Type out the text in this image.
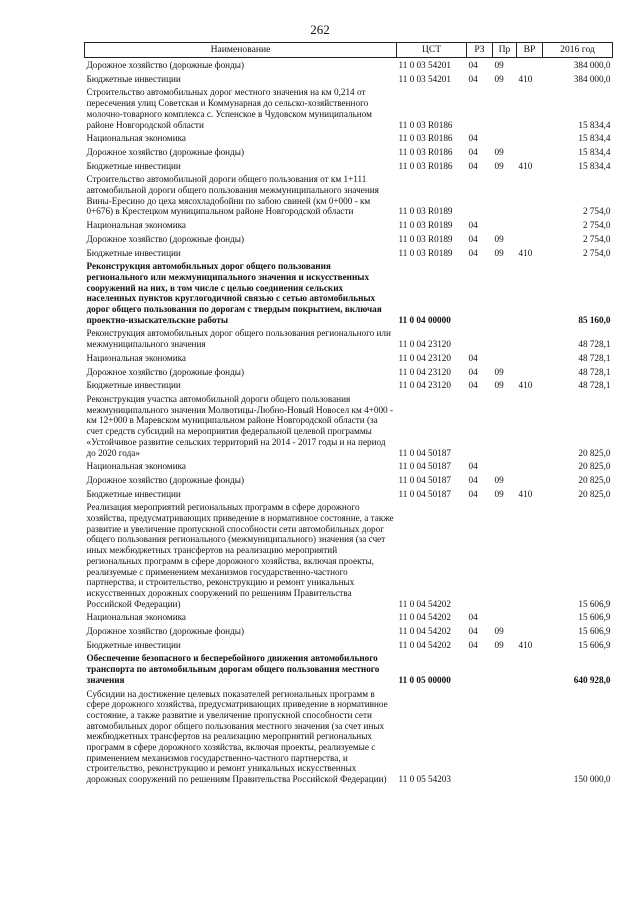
262
Наименование	ЦСТ	РЗ	Пр	ВР	2016 год
Дорожное хозяйство (дорожные фонды)	11 0 03 54201	04	09		384 000,0
Бюджетные инвестиции	11 0 03 54201	04	09	410	384 000,0
Строительство автомобильных дорог местного значения на км 0,214 от пересечения улиц Советская и Коммунарная до сельско-хозяйственного молочно-товарного комплекса с. Успенское в Чудовском муниципальном районе Новгородской области	11 0 03 R0186				15 834,4
Национальная экономика	11 0 03 R0186	04			15 834,4
Дорожное хозяйство (дорожные фонды)	11 0 03 R0186	04	09		15 834,4
Бюджетные инвестиции	11 0 03 R0186	04	09	410	15 834,4
Строительство автомобильной дороги общего пользования от км 1+111 автомобильной дороги общего пользования межмуниципального значения Вины-Ересино до цеха мясохладобойни по забою свиней (км 0+000 - км 0+676) в Крестецком муниципальном районе Новгородской области	11 0 03 R0189				2 754,0
Национальная экономика	11 0 03 R0189	04			2 754,0
Дорожное хозяйство (дорожные фонды)	11 0 03 R0189	04	09		2 754,0
Бюджетные инвестиции	11 0 03 R0189	04	09	410	2 754,0
Реконструкция автомобильных дорог общего пользования регионального или межмуниципального значения и искусственных сооружений на них, в том числе с целью соединения сельских населенных пунктов круглогодичной связью с сетью автомобильных дорог общего пользования по дорогам с твердым покрытием, включая проектно-изыскательские работы	11 0 04 00000				85 160,0
Реконструкция автомобильных дорог общего пользования регионального или межмуниципального значения	11 0 04 23120				48 728,1
Национальная экономика	11 0 04 23120	04			48 728,1
Дорожное хозяйство (дорожные фонды)	11 0 04 23120	04	09		48 728,1
Бюджетные инвестиции	11 0 04 23120	04	09	410	48 728,1
Реконструкция участка автомобильной дороги общего пользования межмуниципального значения Молвотицы-Любно-Новый Новосел км 4+000 - км 12+000 в Маревском муниципальном районе Новгородской области (за счет средств субсидий на мероприятия федеральной целевой программы «Устойчивое развитие сельских территорий на 2014 - 2017 годы и на период до 2020 года»	11 0 04 50187				20 825,0
Национальная экономика	11 0 04 50187	04			20 825,0
Дорожное хозяйство (дорожные фонды)	11 0 04 50187	04	09		20 825,0
Бюджетные инвестиции	11 0 04 50187	04	09	410	20 825,0
Реализация мероприятий региональных программ в сфере дорожного хозяйства, предусматривающих приведение в нормативное состояние, а также развитие и увеличение пропускной способности сети автомобильных дорог общего пользования регионального (межмуниципального) значения (за счет иных межбюджетных трансфертов на реализацию мероприятий региональных программ в сфере дорожного хозяйства, включая проекты, реализуемые с применением механизмов государственно-частного партнерства, и строительство, реконструкцию и ремонт уникальных искусственных дорожных сооружений по решениям Правительства Российской Федерации)	11 0 04 54202				15 606,9
Национальная экономика	11 0 04 54202	04			15 606,9
Дорожное хозяйство (дорожные фонды)	11 0 04 54202	04	09		15 606,9
Бюджетные инвестиции	11 0 04 54202	04	09	410	15 606,9
Обеспечение безопасного и бесперебойного движения автомобильного транспорта по автомобильным дорогам общего пользования местного значения	11 0 05 00000				640 928,0
Субсидии на достижение целевых показателей региональных программ в сфере дорожного хозяйства, предусматривающих приведение в нормативное состояние, а также развитие и увеличение пропускной способности сети автомобильных дорог общего пользования местного значения (за счет иных межбюджетных трансфертов на реализацию мероприятий региональных программ в сфере дорожного хозяйства, включая проекты, реализуемые с применением механизмов государственно-частного партнерства, и строительство, реконструкцию и ремонт уникальных искусственных дорожных сооружений по решениям Правительства Российской Федерации)	11 0 05 54203				150 000,0
